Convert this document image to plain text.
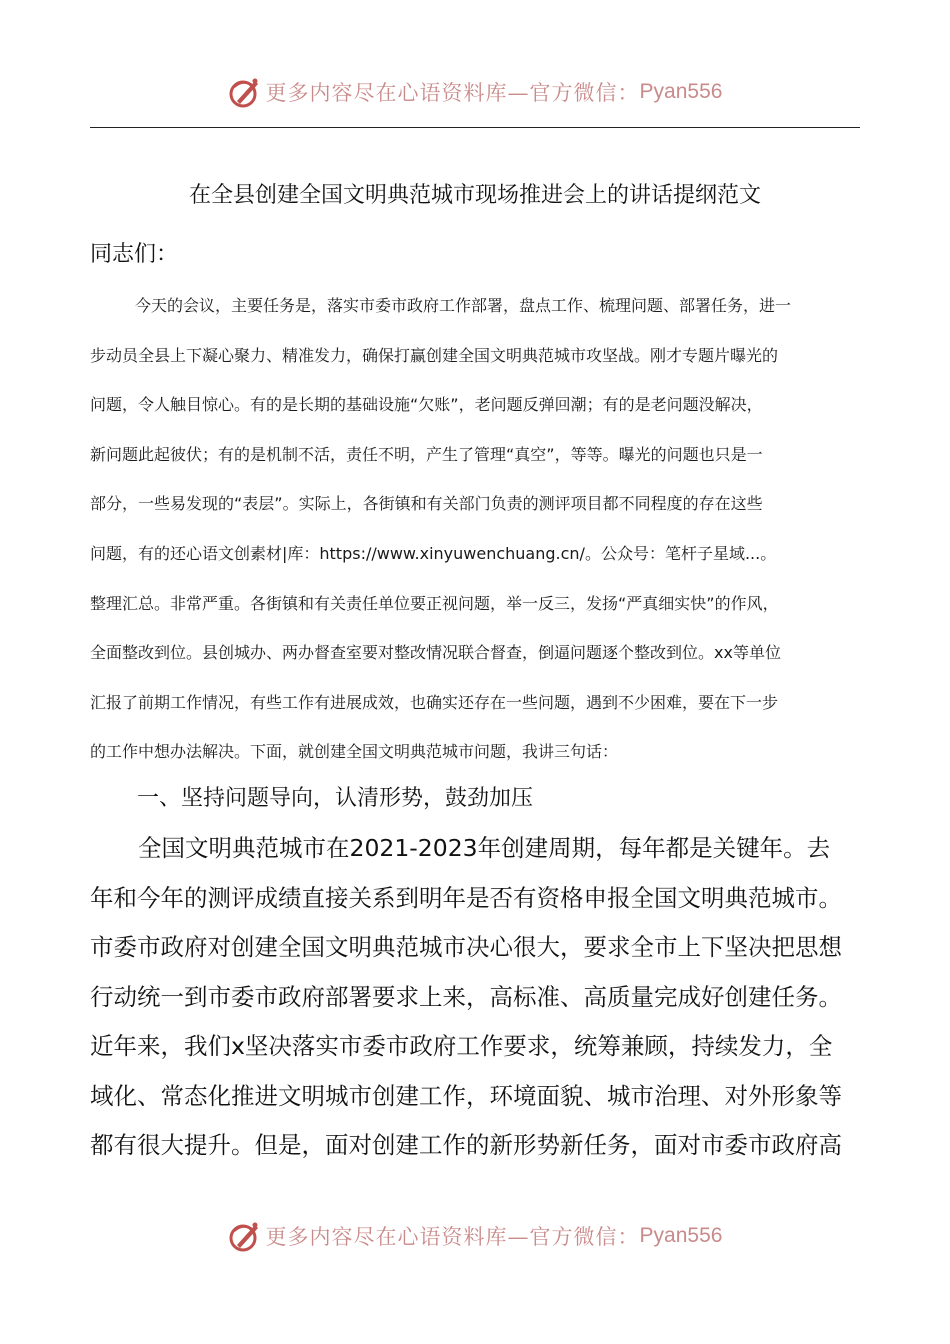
更多内容尽在心语资料库—官方微信： Pyan556
在全县创建全国文明典范城市现场推进会上的讲话提纲范文
同志们：
今天的会议，主要任务是，落实市委市政府工作部署，盘点工作、梳理问题、部署任务，进一
步动员全县上下凝心聚力、精准发力，确保打赢创建全国文明典范城市攻坚战。刚才专题片曝光的
问题，令人触目惊心。有的是长期的基础设施“欠账”，老问题反弹回潮；有的是老问题没解决，
新问题此起彼伏；有的是机制不活，责任不明，产生了管理“真空”，等等。曝光的问题也只是一
部分，一些易发现的“表层”。实际上，各街镇和有关部门负责的测评项目都不同程度的存在这些
问题，有的还心语文创素材|库：https://www.xinyuwenchuang.cn/。公众号：笔杆子星域...。
整理汇总。非常严重。各街镇和有关责任单位要正视问题，举一反三，发扬“严真细实快”的作风，
全面整改到位。县创城办、两办督查室要对整改情况联合督查，倒逼问题逐个整改到位。xx等单位
汇报了前期工作情况，有些工作有进展成效，也确实还存在一些问题，遇到不少困难，要在下一步
的工作中想办法解决。下面，就创建全国文明典范城市问题，我讲三句话：
一、坚持问题导向，认清形势，鼓劲加压
全国文明典范城市在2021-2023年创建周期，每年都是关键年。去
年和今年的测评成绩直接关系到明年是否有资格申报全国文明典范城市。
市委市政府对创建全国文明典范城市决心很大，要求全市上下坚决把思想
行动统一到市委市政府部署要求上来，高标准、高质量完成好创建任务。
近年来，我们x坚决落实市委市政府工作要求，统筹兼顾，持续发力，全
域化、常态化推进文明城市创建工作，环境面貌、城市治理、对外形象等
都有很大提升。但是，面对创建工作的新形势新任务，面对市委市政府高
更多内容尽在心语资料库—官方微信： Pyan556
